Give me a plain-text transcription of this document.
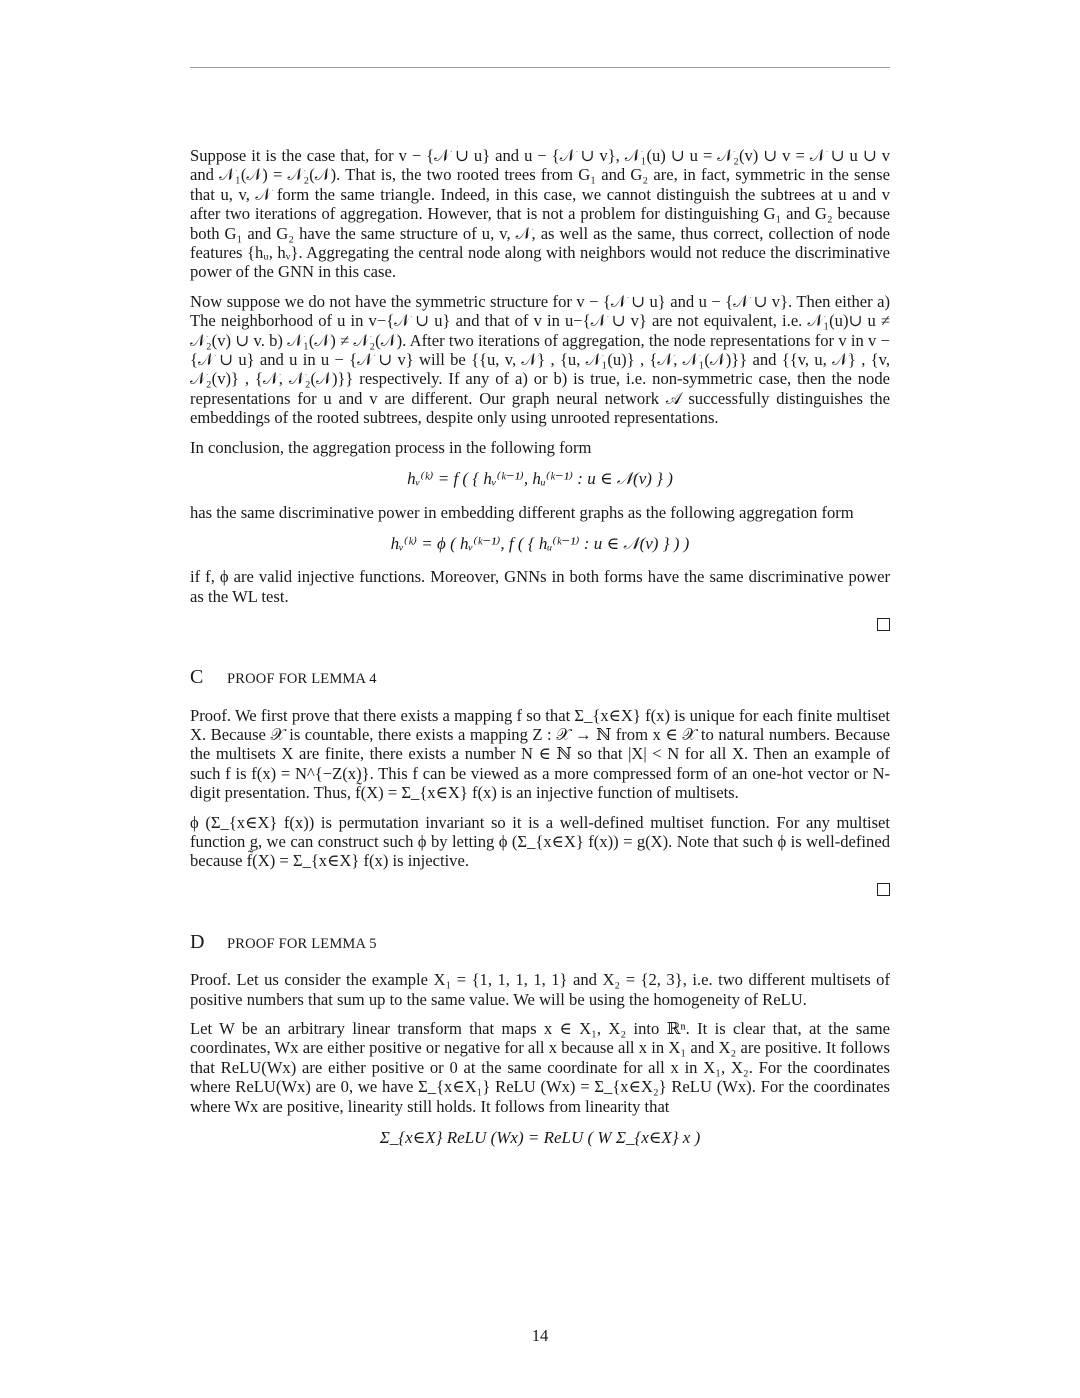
Suppose it is the case that, for v − {𝒩 ∪ u} and u − {𝒩 ∪ v}, 𝒩₁(u) ∪ u = 𝒩₂(v) ∪ v = 𝒩 ∪ u ∪ v and 𝒩₁(𝒩) = 𝒩₂(𝒩). That is, the two rooted trees from G₁ and G₂ are, in fact, symmetric in the sense that u, v, 𝒩 form the same triangle. Indeed, in this case, we cannot distinguish the subtrees at u and v after two iterations of aggregation. However, that is not a problem for distinguishing G₁ and G₂ because both G₁ and G₂ have the same structure of u, v, 𝒩, as well as the same, thus correct, collection of node features {hᵤ, hᵥ}. Aggregating the central node along with neighbors would not reduce the discriminative power of the GNN in this case.

Now suppose we do not have the symmetric structure for v − {𝒩 ∪ u} and u − {𝒩 ∪ v}. Then either a) The neighborhood of u in v−{𝒩 ∪ u} and that of v in u−{𝒩 ∪ v} are not equivalent, i.e. 𝒩₁(u)∪ u ≠ 𝒩₂(v) ∪ v. b) 𝒩₁(𝒩) ≠ 𝒩₂(𝒩). After two iterations of aggregation, the node representations for v in v − {𝒩 ∪ u} and u in u − {𝒩 ∪ v} will be {{u, v, 𝒩} , {u, 𝒩₁(u)} , {𝒩, 𝒩₁(𝒩)}} and {{v, u, 𝒩} , {v, 𝒩₂(v)} , {𝒩, 𝒩₂(𝒩)}} respectively. If any of a) or b) is true, i.e. non-symmetric case, then the node representations for u and v are different. Our graph neural network 𝒜 successfully distinguishes the embeddings of the rooted subtrees, despite only using unrooted representations.

In conclusion, the aggregation process in the following form

hᵥ⁽ᵏ⁾ = f ( { hᵥ⁽ᵏ⁻¹⁾, hᵤ⁽ᵏ⁻¹⁾ : u ∈ 𝒩(v) } )

has the same discriminative power in embedding different graphs as the following aggregation form

hᵥ⁽ᵏ⁾ = ϕ ( hᵥ⁽ᵏ⁻¹⁾, f ( { hᵤ⁽ᵏ⁻¹⁾ : u ∈ 𝒩(v) } ) )

if f, ϕ are valid injective functions. Moreover, GNNs in both forms have the same discriminative power as the WL test.

C PROOF FOR LEMMA 4

Proof. We first prove that there exists a mapping f so that Σ_{x∈X} f(x) is unique for each finite multiset X. Because 𝒳 is countable, there exists a mapping Z : 𝒳 → ℕ from x ∈ 𝒳 to natural numbers. Because the multisets X are finite, there exists a number N ∈ ℕ so that |X| < N for all X. Then an example of such f is f(x) = N^{−Z(x)}. This f can be viewed as a more compressed form of an one-hot vector or N-digit presentation. Thus, f̃(X) = Σ_{x∈X} f(x) is an injective function of multisets.

ϕ (Σ_{x∈X} f(x)) is permutation invariant so it is a well-defined multiset function. For any multiset function g, we can construct such ϕ by letting ϕ (Σ_{x∈X} f(x)) = g(X). Note that such ϕ is well-defined because f̃(X) = Σ_{x∈X} f(x) is injective.

D PROOF FOR LEMMA 5

Proof. Let us consider the example X₁ = {1, 1, 1, 1, 1} and X₂ = {2, 3}, i.e. two different multisets of positive numbers that sum up to the same value. We will be using the homogeneity of ReLU.

Let W be an arbitrary linear transform that maps x ∈ X₁, X₂ into ℝⁿ. It is clear that, at the same coordinates, Wx are either positive or negative for all x because all x in X₁ and X₂ are positive. It follows that ReLU(Wx) are either positive or 0 at the same coordinate for all x in X₁, X₂. For the coordinates where ReLU(Wx) are 0, we have Σ_{x∈X₁} ReLU (Wx) = Σ_{x∈X₂} ReLU (Wx). For the coordinates where Wx are positive, linearity still holds. It follows from linearity that

Σ_{x∈X} ReLU (Wx) = ReLU ( W Σ_{x∈X} x )
14
